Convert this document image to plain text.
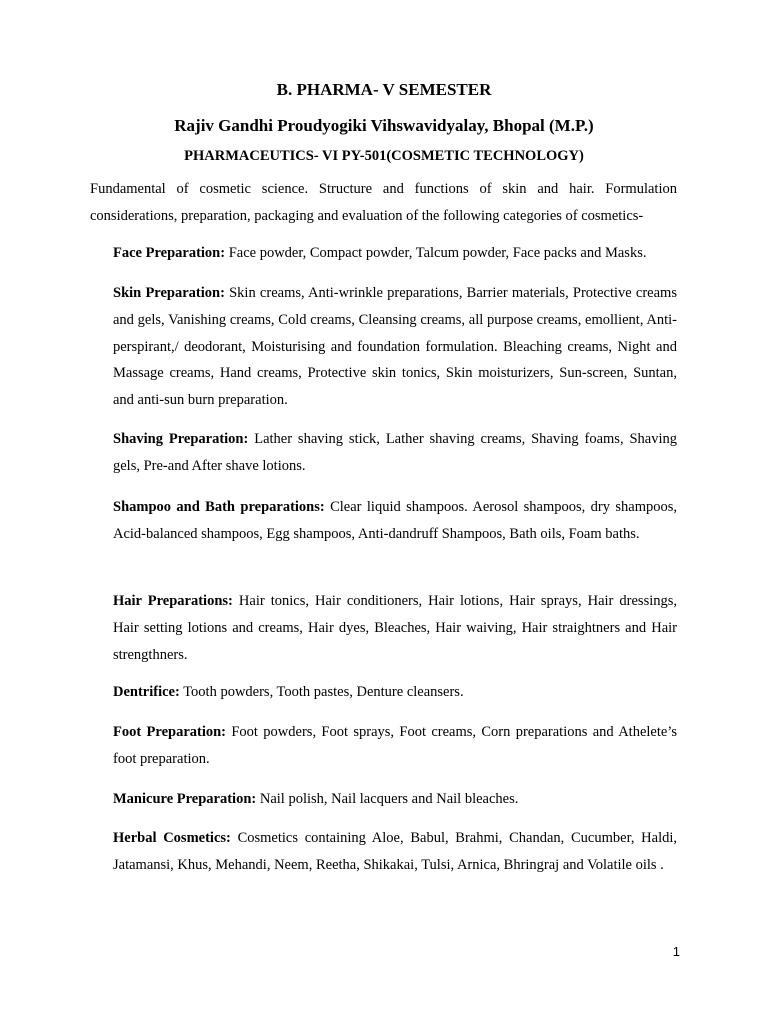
B. PHARMA- V SEMESTER
Rajiv Gandhi Proudyogiki Vihswavidyalay, Bhopal (M.P.)
PHARMACEUTICS- VI PY-501(COSMETIC TECHNOLOGY)
Fundamental of cosmetic science. Structure and functions of skin and hair. Formulation considerations, preparation, packaging and evaluation of the following categories of cosmetics-

Face Preparation: Face powder, Compact powder, Talcum powder, Face packs and Masks.

Skin Preparation: Skin creams, Anti-wrinkle preparations, Barrier materials, Protective creams and gels, Vanishing creams, Cold creams, Cleansing creams, all purpose creams, emollient, Anti-perspirant,/ deodorant, Moisturising and foundation formulation. Bleaching creams, Night and Massage creams, Hand creams, Protective skin tonics, Skin moisturizers, Sun-screen, Suntan, and anti-sun burn preparation.

Shaving Preparation: Lather shaving stick, Lather shaving creams, Shaving foams, Shaving gels, Pre-and After shave lotions.

Shampoo and Bath preparations: Clear liquid shampoos. Aerosol shampoos, dry shampoos, Acid-balanced shampoos, Egg shampoos, Anti-dandruff Shampoos, Bath oils, Foam baths.

Hair Preparations: Hair tonics, Hair conditioners, Hair lotions, Hair sprays, Hair dressings, Hair setting lotions and creams, Hair dyes, Bleaches, Hair waiving, Hair straightners and Hair strengthners.

Dentrifice: Tooth powders, Tooth pastes, Denture cleansers.

Foot Preparation: Foot powders, Foot sprays, Foot creams, Corn preparations and Athelete’s foot preparation.

Manicure Preparation: Nail polish, Nail lacquers and Nail bleaches.

Herbal Cosmetics: Cosmetics containing Aloe, Babul, Brahmi, Chandan, Cucumber, Haldi, Jatamansi, Khus, Mehandi, Neem, Reetha, Shikakai, Tulsi, Arnica, Bhringraj and Volatile oils .

1
